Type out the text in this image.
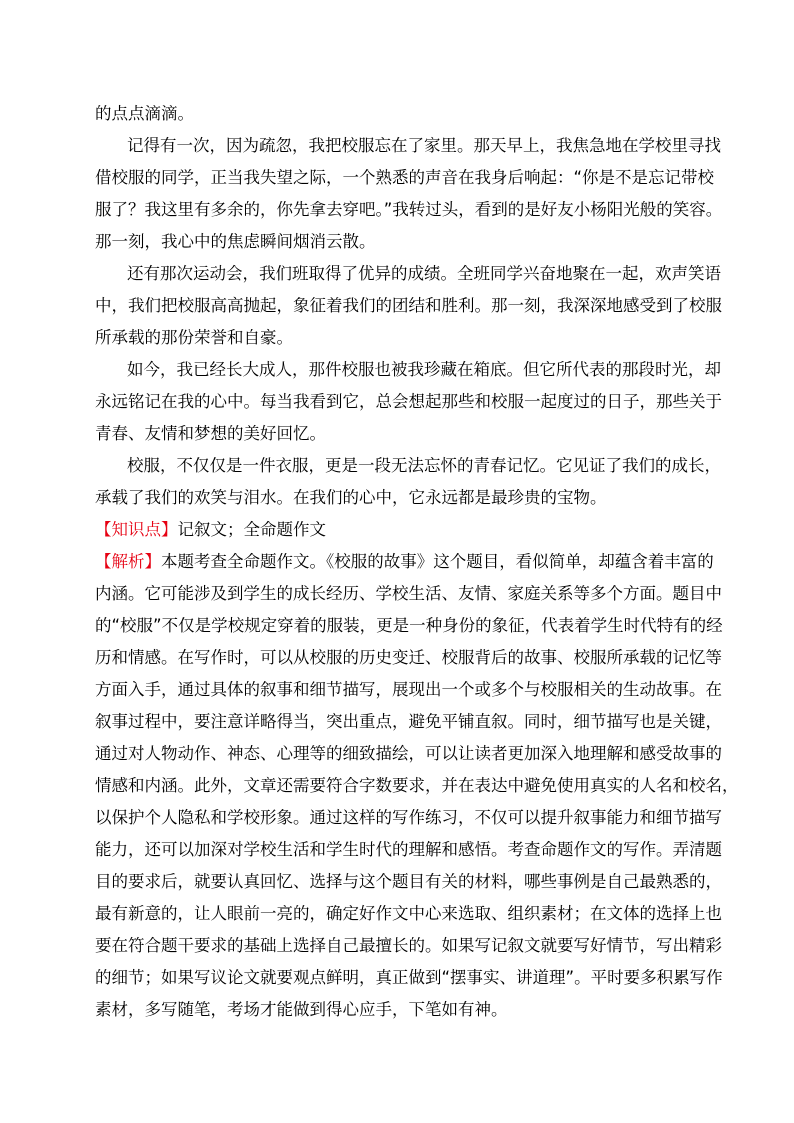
的点点滴滴。
记得有一次，因为疏忽，我把校服忘在了家里。那天早上，我焦急地在学校里寻找
借校服的同学，正当我失望之际，一个熟悉的声音在我身后响起：“你是不是忘记带校
服了？我这里有多余的，你先拿去穿吧。”我转过头，看到的是好友小杨阳光般的笑容。
那一刻，我心中的焦虑瞬间烟消云散。
还有那次运动会，我们班取得了优异的成绩。全班同学兴奋地聚在一起，欢声笑语
中，我们把校服高高抛起，象征着我们的团结和胜利。那一刻，我深深地感受到了校服
所承载的那份荣誉和自豪。
如今，我已经长大成人，那件校服也被我珍藏在箱底。但它所代表的那段时光，却
永远铭记在我的心中。每当我看到它，总会想起那些和校服一起度过的日子，那些关于
青春、友情和梦想的美好回忆。
校服，不仅仅是一件衣服，更是一段无法忘怀的青春记忆。它见证了我们的成长，
承载了我们的欢笑与泪水。在我们的心中，它永远都是最珍贵的宝物。
【知识点】记叙文；全命题作文
【解析】本题考查全命题作文。《校服的故事》这个题目，看似简单，却蕴含着丰富的
内涵。它可能涉及到学生的成长经历、学校生活、友情、家庭关系等多个方面。题目中
的“校服”不仅是学校规定穿着的服装，更是一种身份的象征，代表着学生时代特有的经
历和情感。在写作时，可以从校服的历史变迁、校服背后的故事、校服所承载的记忆等
方面入手，通过具体的叙事和细节描写，展现出一个或多个与校服相关的生动故事。在
叙事过程中，要注意详略得当，突出重点，避免平铺直叙。同时，细节描写也是关键，
通过对人物动作、神态、心理等的细致描绘，可以让读者更加深入地理解和感受故事的
情感和内涵。此外，文章还需要符合字数要求，并在表达中避免使用真实的人名和校名，
以保护个人隐私和学校形象。通过这样的写作练习，不仅可以提升叙事能力和细节描写
能力，还可以加深对学校生活和学生时代的理解和感悟。考查命题作文的写作。弄清题
目的要求后，就要认真回忆、选择与这个题目有关的材料，哪些事例是自己最熟悉的，
最有新意的，让人眼前一亮的，确定好作文中心来选取、组织素材；在文体的选择上也
要在符合题干要求的基础上选择自己最擅长的。如果写记叙文就要写好情节，写出精彩
的细节；如果写议论文就要观点鲜明，真正做到“摆事实、讲道理”。平时要多积累写作
素材，多写随笔，考场才能做到得心应手，下笔如有神。
